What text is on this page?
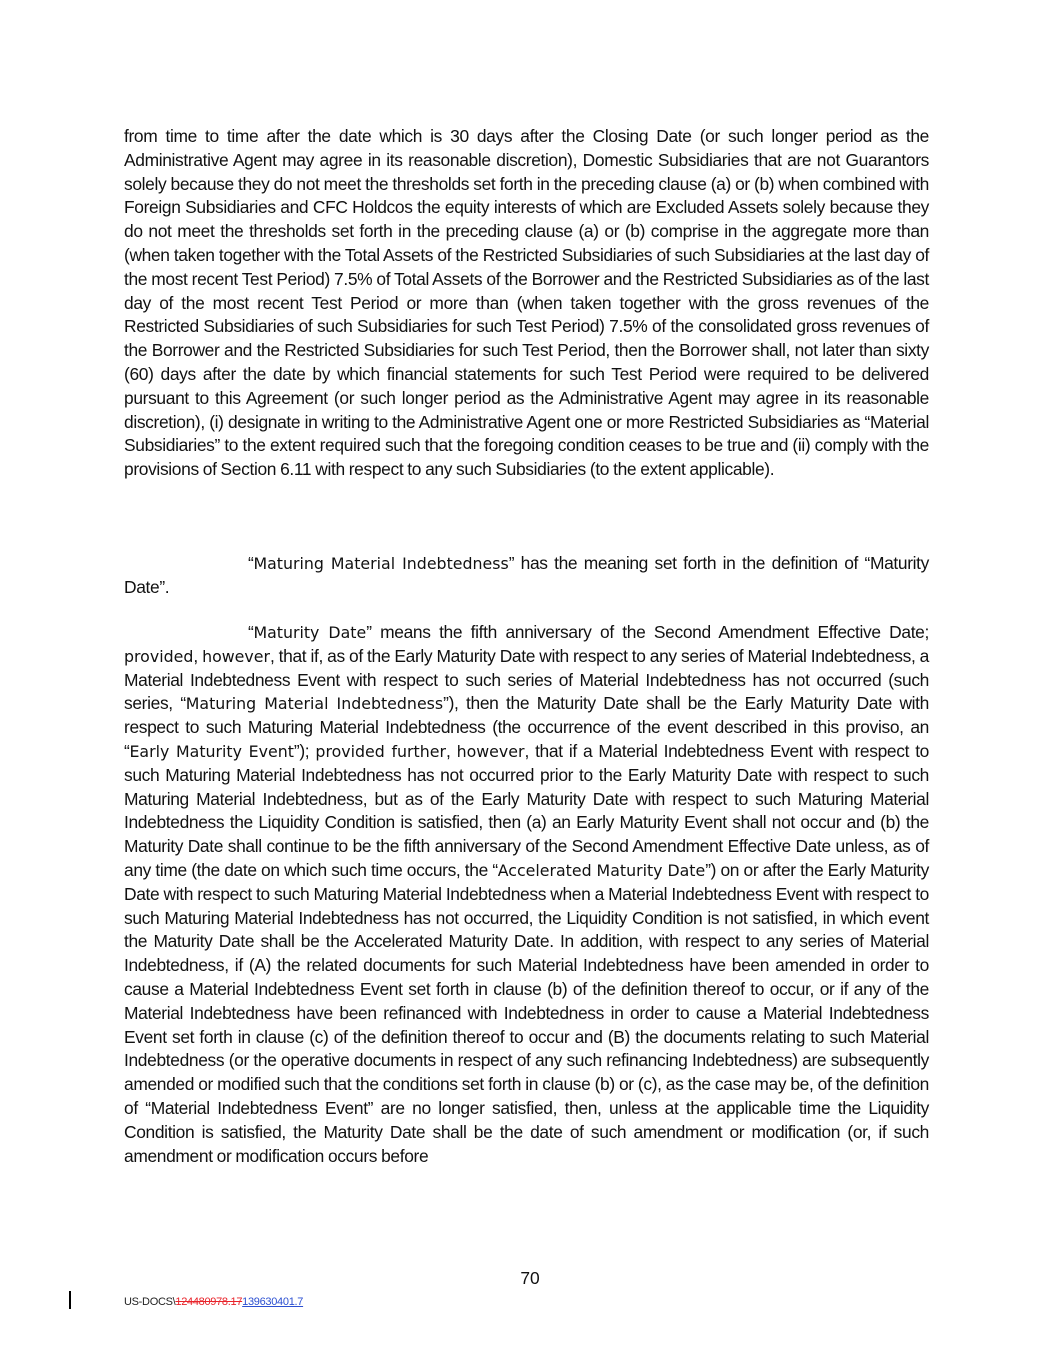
from time to time after the date which is 30 days after the Closing Date (or such longer period as the Administrative Agent may agree in its reasonable discretion), Domestic Subsidiaries that are not Guarantors solely because they do not meet the thresholds set forth in the preceding clause (a) or (b) when combined with Foreign Subsidiaries and CFC Holdcos the equity interests of which are Excluded Assets solely because they do not meet the thresholds set forth in the preceding clause (a) or (b) comprise in the aggregate more than (when taken together with the Total Assets of the Restricted Subsidiaries of such Subsidiaries at the last day of the most recent Test Period) 7.5% of Total Assets of the Borrower and the Restricted Subsidiaries as of the last day of the most recent Test Period or more than (when taken together with the gross revenues of the Restricted Subsidiaries of such Subsidiaries for such Test Period) 7.5% of the consolidated gross revenues of the Borrower and the Restricted Subsidiaries for such Test Period, then the Borrower shall, not later than sixty (60) days after the date by which financial statements for such Test Period were required to be delivered pursuant to this Agreement (or such longer period as the Administrative Agent may agree in its reasonable discretion), (i) designate in writing to the Administrative Agent one or more Restricted Subsidiaries as “Material Subsidiaries” to the extent required such that the foregoing condition ceases to be true and (ii) comply with the provisions of Section 6.11 with respect to any such Subsidiaries (to the extent applicable).

“Maturing Material Indebtedness” has the meaning set forth in the definition of “Maturity Date”.

“Maturity Date” means the fifth anniversary of the Second Amendment Effective Date; provided, however, that if, as of the Early Maturity Date with respect to any series of Material Indebtedness, a Material Indebtedness Event with respect to such series of Material Indebtedness has not occurred (such series, “Maturing Material Indebtedness”), then the Maturity Date shall be the Early Maturity Date with respect to such Maturing Material Indebtedness (the occurrence of the event described in this proviso, an “Early Maturity Event”); provided further, however, that if a Material Indebtedness Event with respect to such Maturing Material Indebtedness has not occurred prior to the Early Maturity Date with respect to such Maturing Material Indebtedness, but as of the Early Maturity Date with respect to such Maturing Material Indebtedness the Liquidity Condition is satisfied, then (a) an Early Maturity Event shall not occur and (b) the Maturity Date shall continue to be the fifth anniversary of the Second Amendment Effective Date unless, as of any time (the date on which such time occurs, the “Accelerated Maturity Date”) on or after the Early Maturity Date with respect to such Maturing Material Indebtedness when a Material Indebtedness Event with respect to such Maturing Material Indebtedness has not occurred, the Liquidity Condition is not satisfied, in which event the Maturity Date shall be the Accelerated Maturity Date. In addition, with respect to any series of Material Indebtedness, if (A) the related documents for such Material Indebtedness have been amended in order to cause a Material Indebtedness Event set forth in clause (b) of the definition thereof to occur, or if any of the Material Indebtedness have been refinanced with Indebtedness in order to cause a Material Indebtedness Event set forth in clause (c) of the definition thereof to occur and (B) the documents relating to such Material Indebtedness (or the operative documents in respect of any such refinancing Indebtedness) are subsequently amended or modified such that the conditions set forth in clause (b) or (c), as the case may be, of the definition of “Material Indebtedness Event” are no longer satisfied, then, unless at the applicable time the Liquidity Condition is satisfied, the Maturity Date shall be the date of such amendment or modification (or, if such amendment or modification occurs before

70
US-DOCS\124480978.17139630401.7
